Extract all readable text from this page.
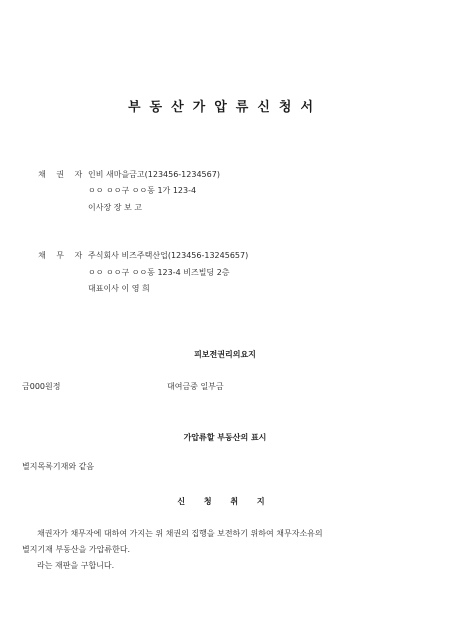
부동산가압류신청서
채 권 자 인비 새마을금고(123456-1234567)
ㅇㅇ ㅇㅇ구 ㅇㅇ동 1가 123-4
이사장 장 보 고
채 무 자 주식회사 비즈주택산업(123456-13245657)
ㅇㅇ ㅇㅇ구 ㅇㅇ동 123-4 비즈빌딩 2층
대표이사 이 영 희
피보전권리의요지
금000원정	대여금중 일부금
가압류할 부동산의 표시
별지목록기재와 같음
신 청 취 지
채권자가 채무자에 대하여 가지는 위 채권의 집행을 보전하기 위하여 채무자소유의
별지기재 부동산을 가압류한다.
라는 재판을 구합니다.
